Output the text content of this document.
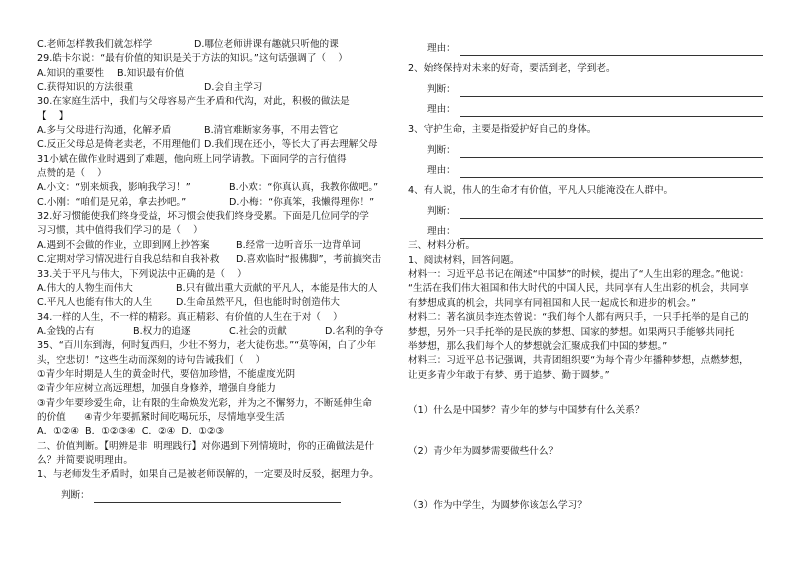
C.老师怎样教我们就怎样学	D.哪位老师讲课有趣就只听他的课
29.皓卡尔说：“最有价值的知识是关于方法的知识。”这句话强调了（    ）
A.知识的重要性	B.知识最有价值
C.获得知识的方法很重	D.会自主学习
30.在家庭生活中，我们与父母容易产生矛盾和代沟，对此，积极的做法是
【    】
A.多与父母进行沟通，化解矛盾	B.清官难断家务事，不用去管它
C.反正父母总是倚老卖老，不用理他们 D.我们现在还小，等长大了再去理解父母
31小斌在做作业时遇到了难题，他向班上同学请教。下面同学的言行值得
点赞的是（    ）
A.小文：“别来烦我，影响我学习！”	B.小欢：“你真认真，我教你做吧。”
C.小刚：“咱们是兄弟，拿去抄吧。”	D.小梅：“你真笨，我懒得理你！”
32.好习惯能使我们终身受益，坏习惯会使我们终身受累。下面是几位同学的学
习习惯，其中值得我们学习的是（    ）
A.遇到不会做的作业，立即到网上抄答案	B.经常一边听音乐一边背单词
C.定期对学习情况进行自我总结和自我补救	D.喜欢临时“报佛脚”，考前搞突击
33.关于平凡与伟大，下列说法中正确的是（    ）
A.伟大的人物生而伟大	B.只有做出重大贡献的平凡人，本能是伟大的人
C.平凡人也能有伟大的人生	D.生命虽然平凡，但也能时时创造伟大
34.一样的人生，不一样的精彩。真正精彩、有价值的人生在于对（    ）
A.金钱的占有	B.权力的追逐	C.社会的贡献	D.名利的争夺
35、“百川东到海，何时复西归，少壮不努力，老大徒伤悲。”“莫等闲，白了少年
头，空悲切！”这些生动而深刻的诗句告诫我们（    ）
①青少年时期是人生的黄金时代，要倍加珍惜，不能虚度光阴
②青少年应树立高远理想，加强自身修养，增强自身能力
③青少年要珍爱生命，让有限的生命焕发光彩，并为之不懈努力，不断延伸生命
的价值      ④青少年要抓紧时间吃喝玩乐，尽情地享受生活
A．①②④  B．①②③④  C．②④  D．①②③
二、价值判断。【明辨是非  明理践行】对你遇到下列情境时，你的正确做法是什
么？并简要说明理由。
1、与老师发生矛盾时，如果自己是被老师误解的，一定要及时反驳，据理力争。
判断：
理由：
2、始终保持对未来的好奇，要活到老，学到老。
判断：
理由：
3、守护生命，主要是指爱护好自己的身体。
判断：
理由：
4、有人说，伟人的生命才有价值，平凡人只能淹没在人群中。
判断：
理由：
三、材料分析。
1、阅读材料，回答问题。
材料一：习近平总书记在阐述“中国梦”的时候，提出了“人生出彩的理念。”他说：
“生活在我们伟大祖国和伟大时代的中国人民，共同享有人生出彩的机会，共同享
有梦想成真的机会，共同享有同祖国和人民一起成长和进步的机会。”
材料二：著名演员李连杰曾说：“我们每个人都有两只手，一只手托举的是自己的
梦想，另外一只手托举的是民族的梦想、国家的梦想。如果两只手能够共同托
举梦想，那么我们每个人的梦想就会汇聚成我们中国的梦想。”
材料三：习近平总书记强调，共青团组织要“为每个青少年播种梦想，点燃梦想，
让更多青少年敢于有梦、勇于追梦、勤于圆梦。”
（1）什么是中国梦？青少年的梦与中国梦有什么关系？
（2）青少年为圆梦需要做些什么？
（3）作为中学生，为圆梦你该怎么学习？
